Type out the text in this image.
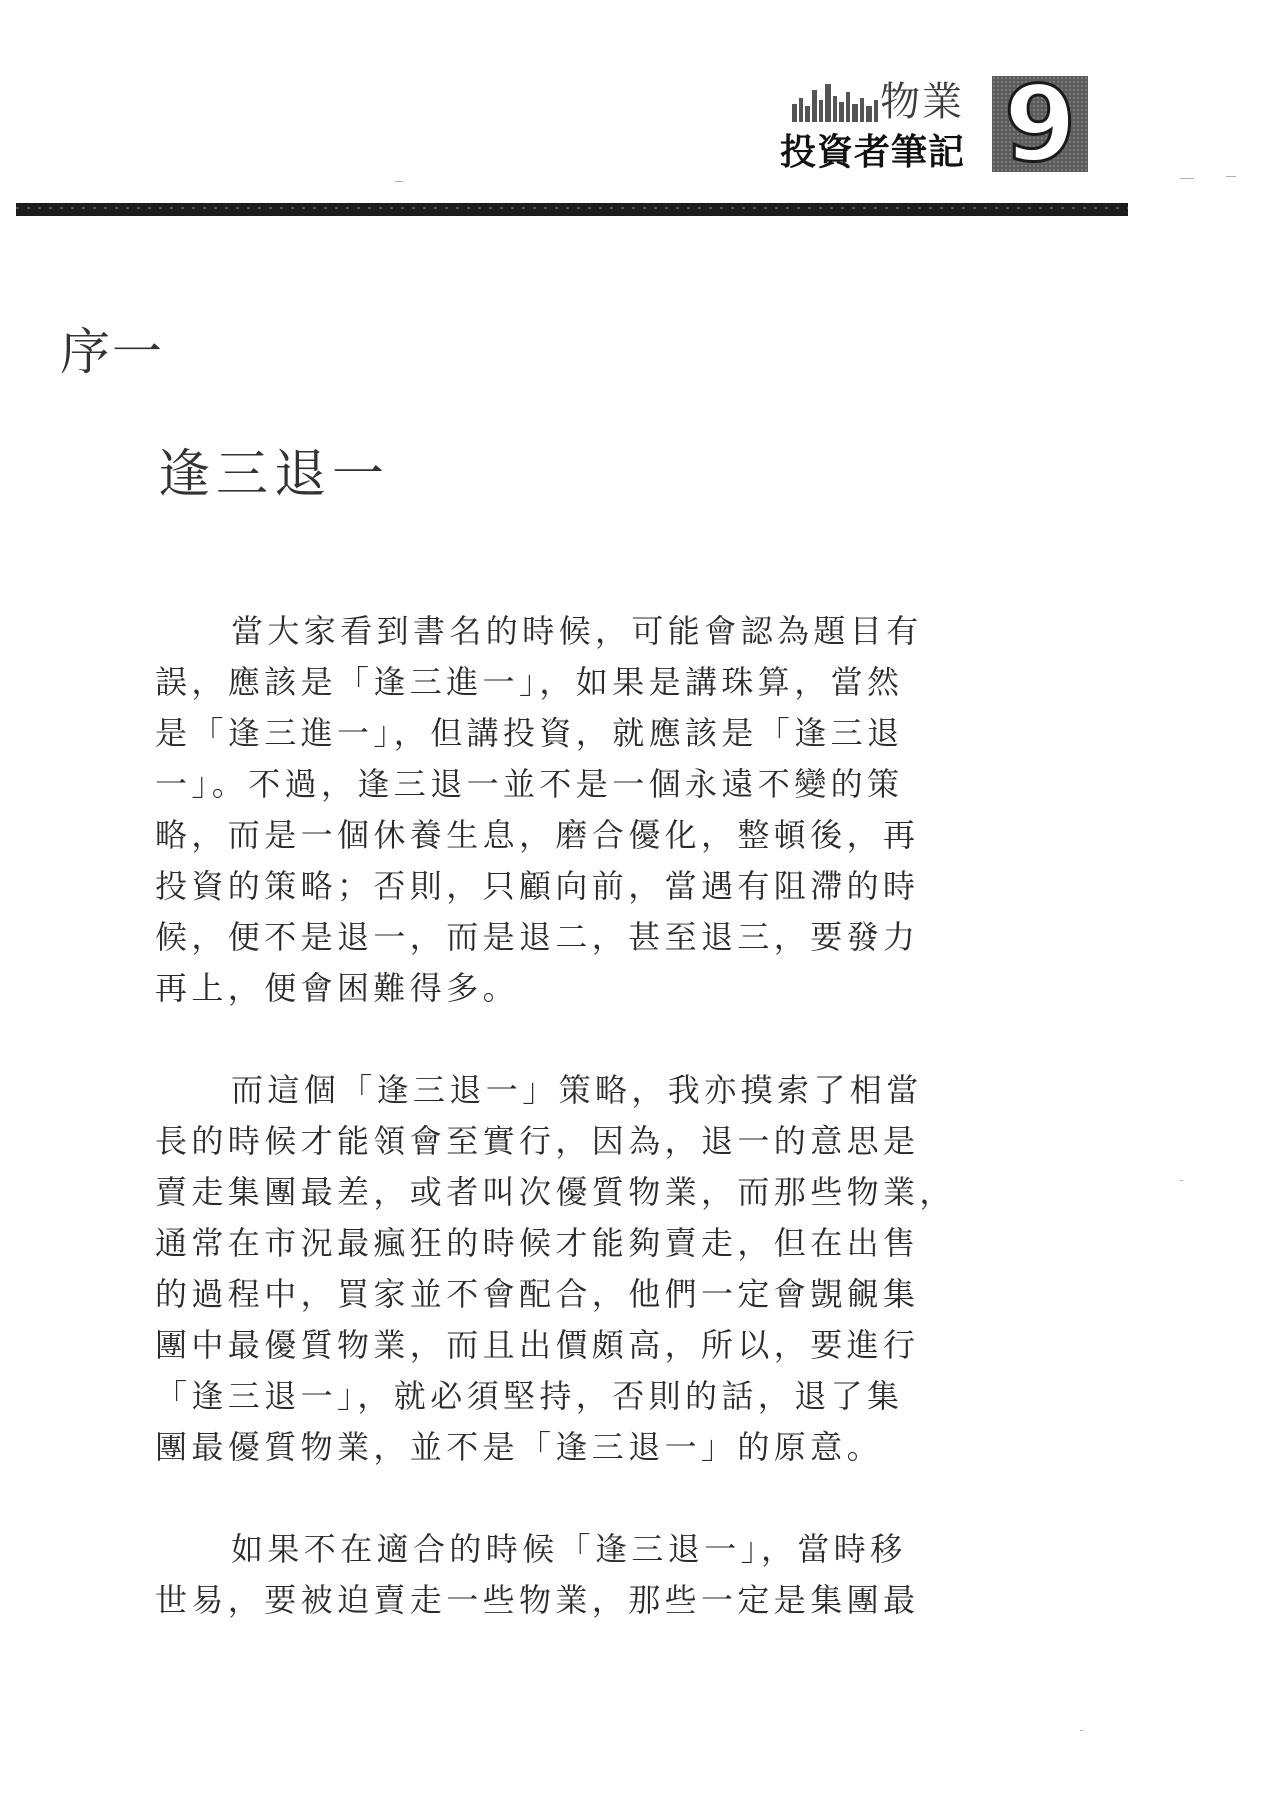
物業
投資者筆記 9
序一
逢三退一
當大家看到書名的時候，可能會認為題目有
誤，應該是「逢三進一」，如果是講珠算，當然
是「逢三進一」，但講投資，就應該是「逢三退
一」。不過，逢三退一並不是一個永遠不變的策
略，而是一個休養生息，磨合優化，整頓後，再
投資的策略；否則，只顧向前，當遇有阻滯的時
候，便不是退一，而是退二，甚至退三，要發力
再上，便會困難得多。
而這個「逢三退一」策略，我亦摸索了相當
長的時候才能領會至實行，因為，退一的意思是
賣走集團最差，或者叫次優質物業，而那些物業，
通常在市況最瘋狂的時候才能夠賣走，但在出售
的過程中，買家並不會配合，他們一定會覬覦集
團中最優質物業，而且出價頗高，所以，要進行
「逢三退一」，就必須堅持，否則的話，退了集
團最優質物業，並不是「逢三退一」的原意。
如果不在適合的時候「逢三退一」，當時移
世易，要被迫賣走一些物業，那些一定是集團最
